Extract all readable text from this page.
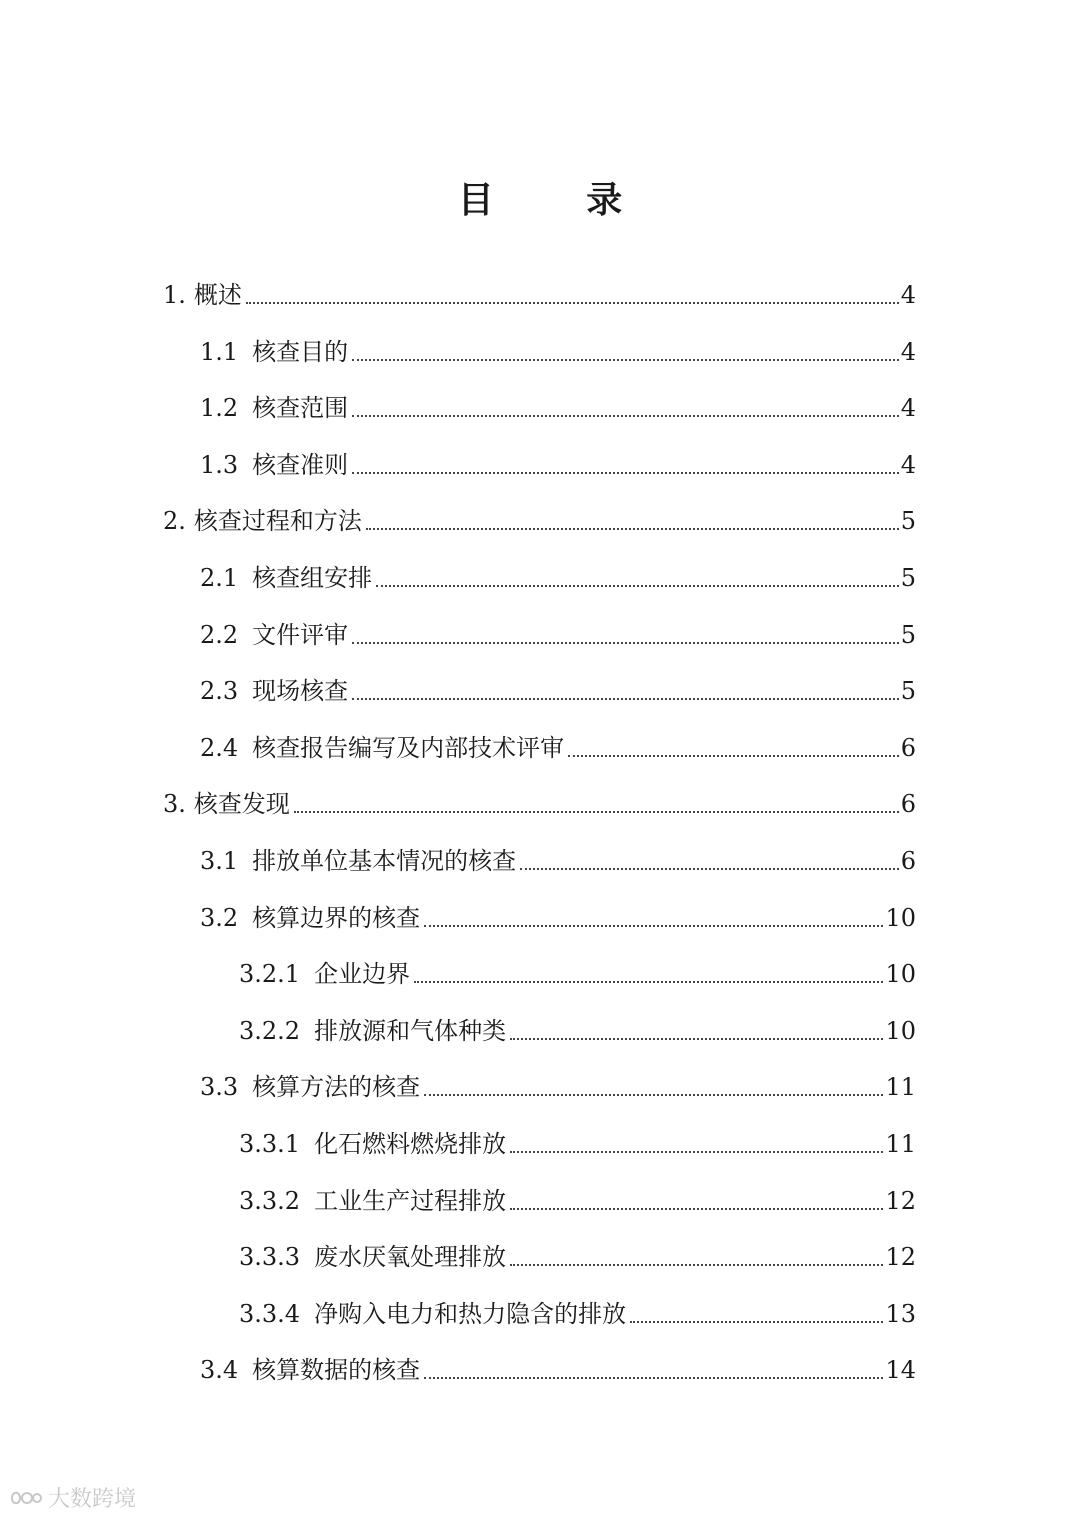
目 录
1. 概述	4
1.1 核查目的	4
1.2 核查范围	4
1.3 核查准则	4
2. 核查过程和方法	5
2.1 核查组安排	5
2.2 文件评审	5
2.3 现场核查	5
2.4 核查报告编写及内部技术评审	6
3. 核查发现	6
3.1 排放单位基本情况的核查	6
3.2 核算边界的核查	10
3.2.1 企业边界	10
3.2.2 排放源和气体种类	10
3.3 核算方法的核查	11
3.3.1 化石燃料燃烧排放	11
3.3.2 工业生产过程排放	12
3.3.3 废水厌氧处理排放	12
3.3.4 净购入电力和热力隐含的排放	13
3.4 核算数据的核查	14
大数跨境
